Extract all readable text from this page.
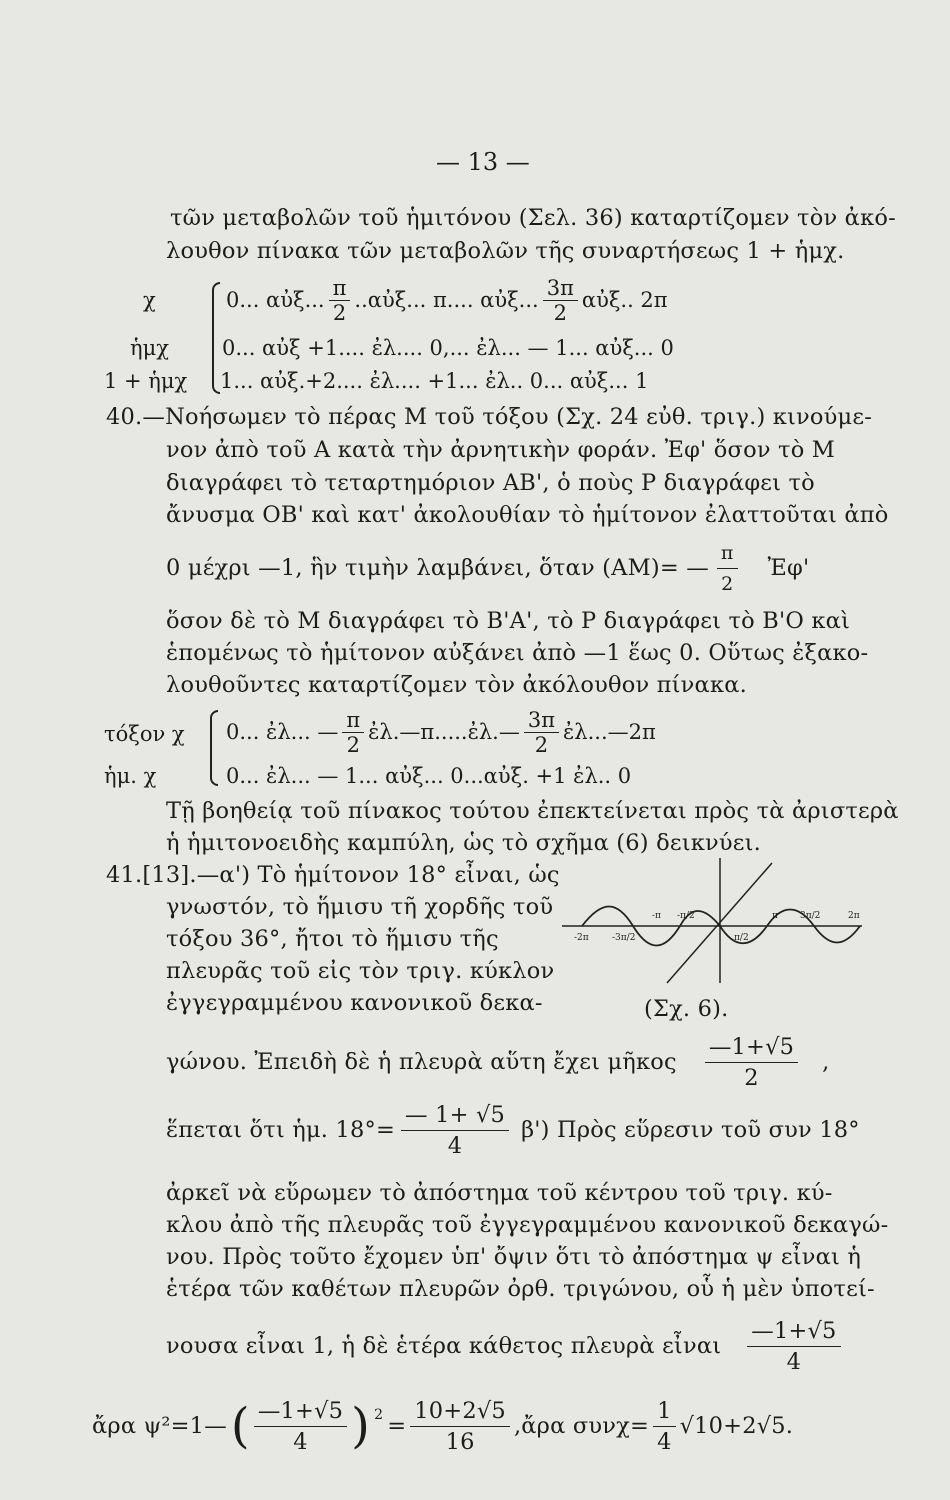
— 13 —
τῶν μεταβολῶν τοῦ ἡμιτόνου (Σελ. 36) καταρτίζομεν τὸν ἀκό-
λουθον πίνακα τῶν μεταβολῶν τῆς συναρτήσεως 1 + ἡμχ.
χ
ἡμχ
1 + ἡμχ
0... αὐξ... $\frac{\pi}{2}$ ..αὐξ... π.... αὐξ... $\frac{3\pi}{2}$ αὐξ.. 2π
0... αὐξ +1.... ἐλ.... 0,... ἐλ... — 1... αὐξ... 0
1... αὐξ.+2.... ἐλ.... +1... ἐλ.. 0... αὐξ... 1
40.—Νοήσωμεν τὸ πέρας Μ τοῦ τόξου (Σχ. 24 εὐθ. τριγ.) κινούμε-
νον ἀπὸ τοῦ Α κατὰ τὴν ἀρνητικὴν φοράν. Ἐφ' ὅσον τὸ Μ
διαγράφει τὸ τεταρτημόριον ΑΒ', ὁ ποὺς Ρ διαγράφει τὸ
ἄνυσμα ΟΒ' καὶ κατ' ἀκολουθίαν τὸ ἡμίτονον ἐλαττοῦται ἀπὸ
0 μέχρι —1, ἣν τιμὴν λαμβάνει, ὅταν (ΑΜ)= — $\frac{\pi}{2}$ Ἐφ'
ὅσον δὲ τὸ Μ διαγράφει τὸ Β'Α', τὸ Ρ διαγράφει τὸ Β'Ο καὶ
ἑπομένως τὸ ἡμίτονον αὐξάνει ἀπὸ —1 ἕως 0. Οὕτως ἐξακο-
λουθοῦντες καταρτίζομεν τὸν ἀκόλουθον πίνακα.
τόξον χ
ἡμ. χ
0... ἐλ... — $\frac{\pi}{2}$ ἐλ.—π.....ἐλ.— $\frac{3\pi}{2}$ ἐλ...—2π
0... ἐλ... — 1... αὐξ... 0...αὐξ. +1 ἐλ.. 0
Τῇ βοηθείᾳ τοῦ πίνακος τούτου ἐπεκτείνεται πρὸς τὰ ἀριστερὰ
ἡ ἡμιτονοειδὴς καμπύλη, ὡς τὸ σχῆμα (6) δεικνύει.
41.[13].—α') Τὸ ἡμίτονον 18° εἶναι, ὡς
γνωστόν, τὸ ἥμισυ τῆ χορδῆς τοῦ
τόξου 36°, ἤτοι τὸ ἥμισυ τῆς
πλευρᾶς τοῦ εἰς τὸν τριγ. κύκλον
ἐγγεγραμμένου κανονικοῦ δεκα-
-2π	-3π/2
-π -π/2
π/2
π 3π/2	2π
(Σχ. 6).
γώνου. Ἐπειδὴ δὲ ἡ πλευρὰ αὕτη ἔχει μῆκος $\frac{—1+√5}{2}$ ,
ἕπεται ὅτι ἡμ. $18^\circ= \frac{— 1+ √5}{4} \beta'$) Πρὸς εὕρεσιν τοῦ συν 18°
ἀρκεῖ νὰ εὕρωμεν τὸ ἀπόστημα τοῦ κέντρου τοῦ τριγ. κύ-
κλου ἀπὸ τῆς πλευρᾶς τοῦ ἐγγεγραμμένου κανονικοῦ δεκαγώ-
νου. Πρὸς τοῦτο ἔχομεν ὑπ' ὄψιν ὅτι τὸ ἀπόστημα ψ εἶναι ἡ
ἑτέρα τῶν καθέτων πλευρῶν ὀρθ. τριγώνου, οὗ ἡ μὲν ὑποτεί-
νουσα εἶναι 1, ἡ δὲ ἑτέρα κάθετος πλευρὰ εἶναι $\frac{—1+√5}{4}$
ἄρα ψ²=1— ( $\frac{—1+√5}{4}$ ) $2 = \frac{10+2√5}{16}$ ,ἄρα $\sigma\upsilon\nu\chi= \frac{1}{4} √10+2√5$.
